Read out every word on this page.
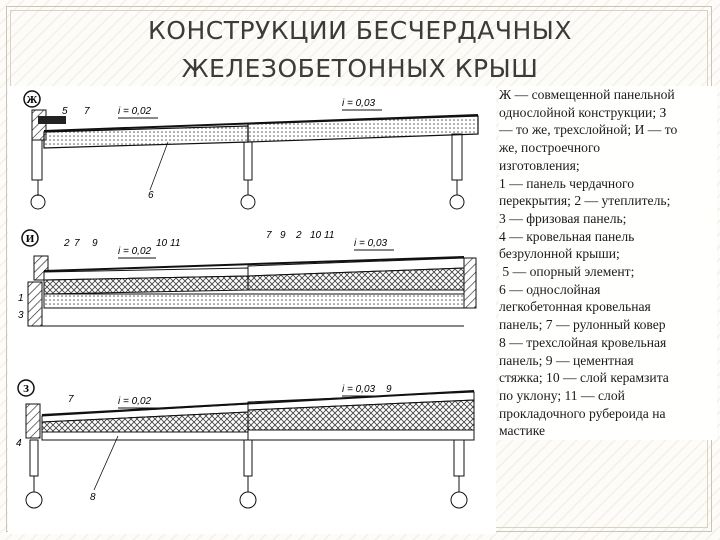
КОНСТРУКЦИИ БЕСЧЕРДАЧНЫХ
ЖЕЛЕЗОБЕТОННЫХ КРЫШ
Ж
5 7
6
i = 0,02
i = 0,03
И	2 7 9	10 11
7 9 2 10 11
1
3
i = 0,02
i = 0,03
З
7
9
4
8
i = 0,02
i = 0,03
Ж — совмещенной панельной
однослойной конструкции; З
— то же, трехслойной; И — то
же, построечного
изготовления;
1 — панель чердачного
перекрытия; 2 — утеплитель;
3 — фризовая панель;
4 — кровельная панель
безрулонной крыши;
5 — опорный элемент;
6 — однослойная
легкобетонная кровельная
панель; 7 — рулонный ковер
8 — трехслойная кровельная
панель; 9 — цементная
стяжка; 10 — слой керамзита
по уклону; 11 — слой
прокладочного рубероида на
мастике
